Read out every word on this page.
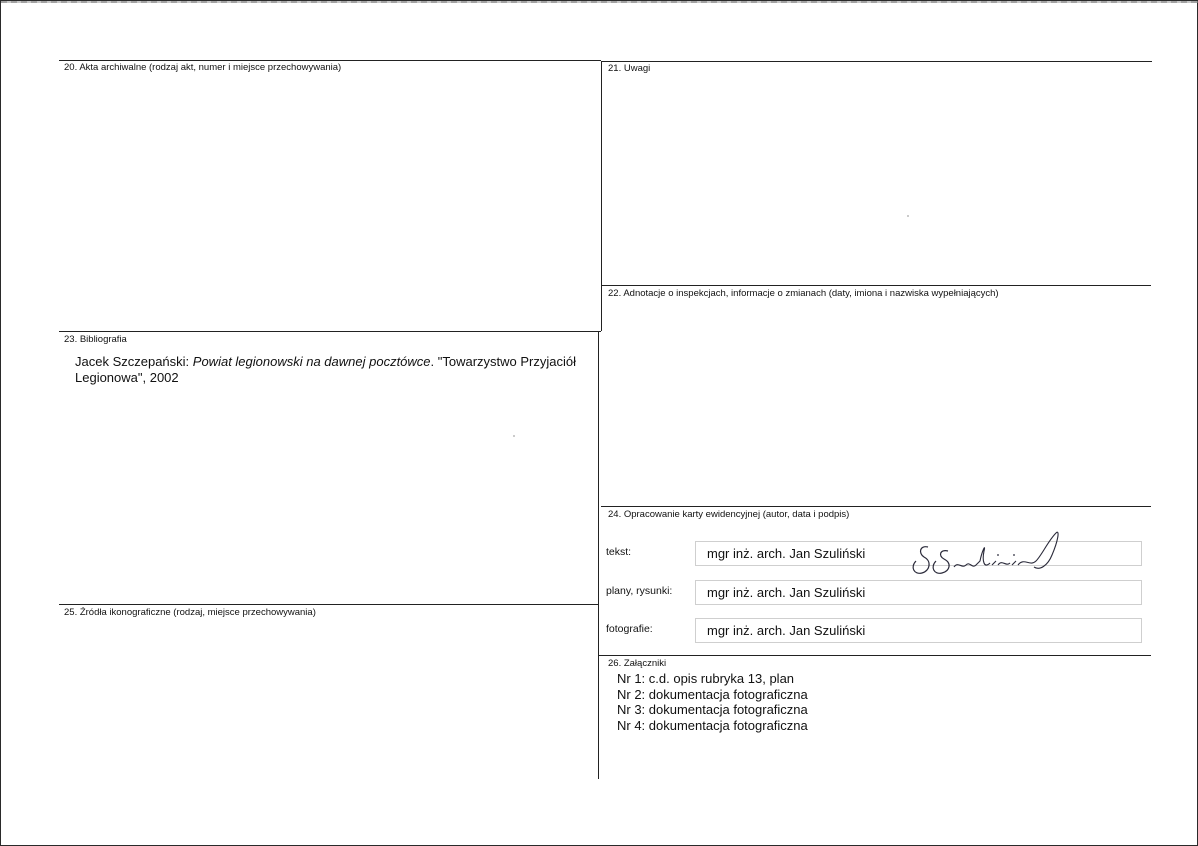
20. Akta archiwalne (rodzaj akt, numer i miejsce przechowywania)	21. Uwagi
22. Adnotacje o inspekcjach, informacje o zmianach (daty, imiona i nazwiska wypełniających)
23. Bibliografia
Jacek Szczepański: Powiat legionowski na dawnej pocztówce. "Towarzystwo Przyjaciół Legionowa", 2002
24. Opracowanie karty ewidencyjnej (autor, data i podpis)
tekst:	mgr inż. arch. Jan Szuliński
plany, rysunki:	mgr inż. arch. Jan Szuliński
fotografie:	mgr inż. arch. Jan Szuliński
25. Źródła ikonograficzne (rodzaj, miejsce przechowywania)
26. Załączniki
Nr 1: c.d. opis rubryka 13, plan
Nr 2: dokumentacja fotograficzna
Nr 3: dokumentacja fotograficzna
Nr 4: dokumentacja fotograficzna
